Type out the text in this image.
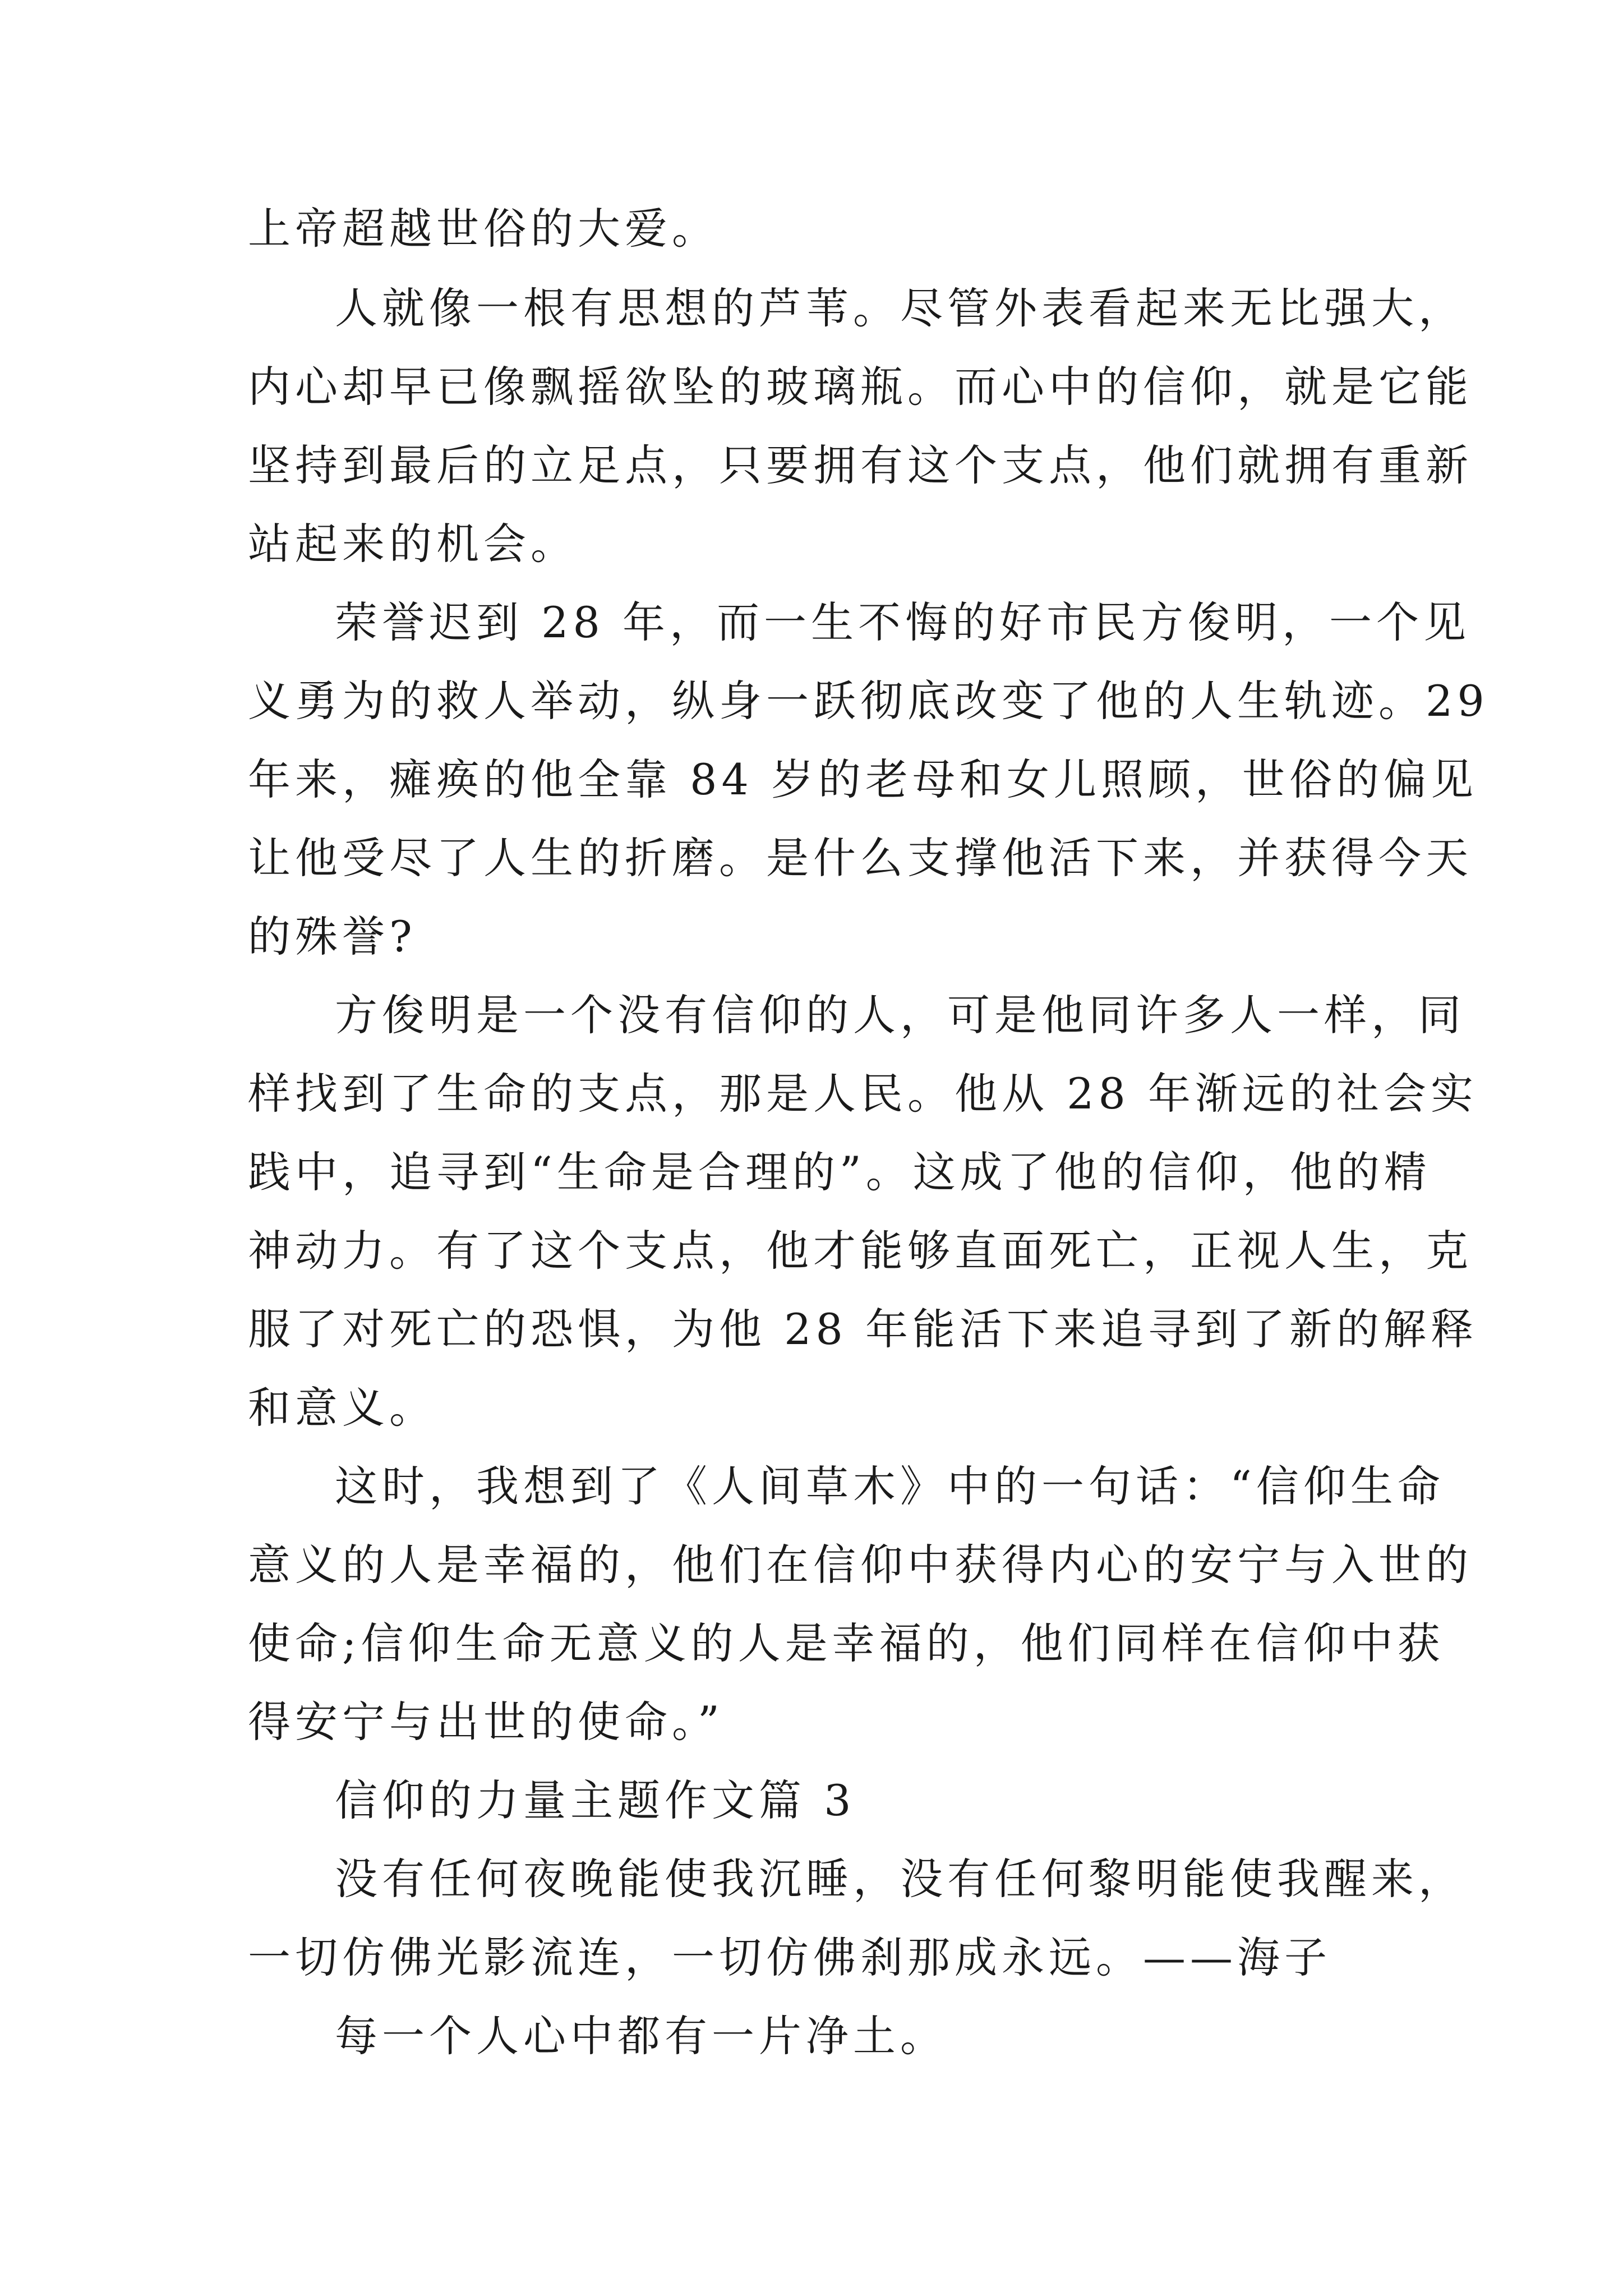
上帝超越世俗的大爱。
人就像一根有思想的芦苇。尽管外表看起来无比强大，
内心却早已像飘摇欲坠的玻璃瓶。而心中的信仰，就是它能
坚持到最后的立足点，只要拥有这个支点，他们就拥有重新
站起来的机会。
荣誉迟到 28 年，而一生不悔的好市民方俊明，一个见
义勇为的救人举动，纵身一跃彻底改变了他的人生轨迹。29
年来，瘫痪的他全靠 84 岁的老母和女儿照顾，世俗的偏见
让他受尽了人生的折磨。是什么支撑他活下来，并获得今天
的殊誉?
方俊明是一个没有信仰的人，可是他同许多人一样，同
样找到了生命的支点，那是人民。他从 28 年渐远的社会实
践中，追寻到“生命是合理的”。这成了他的信仰，他的精
神动力。有了这个支点，他才能够直面死亡，正视人生，克
服了对死亡的恐惧，为他 28 年能活下来追寻到了新的解释
和意义。
这时，我想到了《人间草木》中的一句话：“信仰生命
意义的人是幸福的，他们在信仰中获得内心的安宁与入世的
使命;信仰生命无意义的人是幸福的，他们同样在信仰中获
得安宁与出世的使命。”
信仰的力量主题作文篇 3
没有任何夜晚能使我沉睡，没有任何黎明能使我醒来，
一切仿佛光影流连，一切仿佛刹那成永远。——海子
每一个人心中都有一片净土。
